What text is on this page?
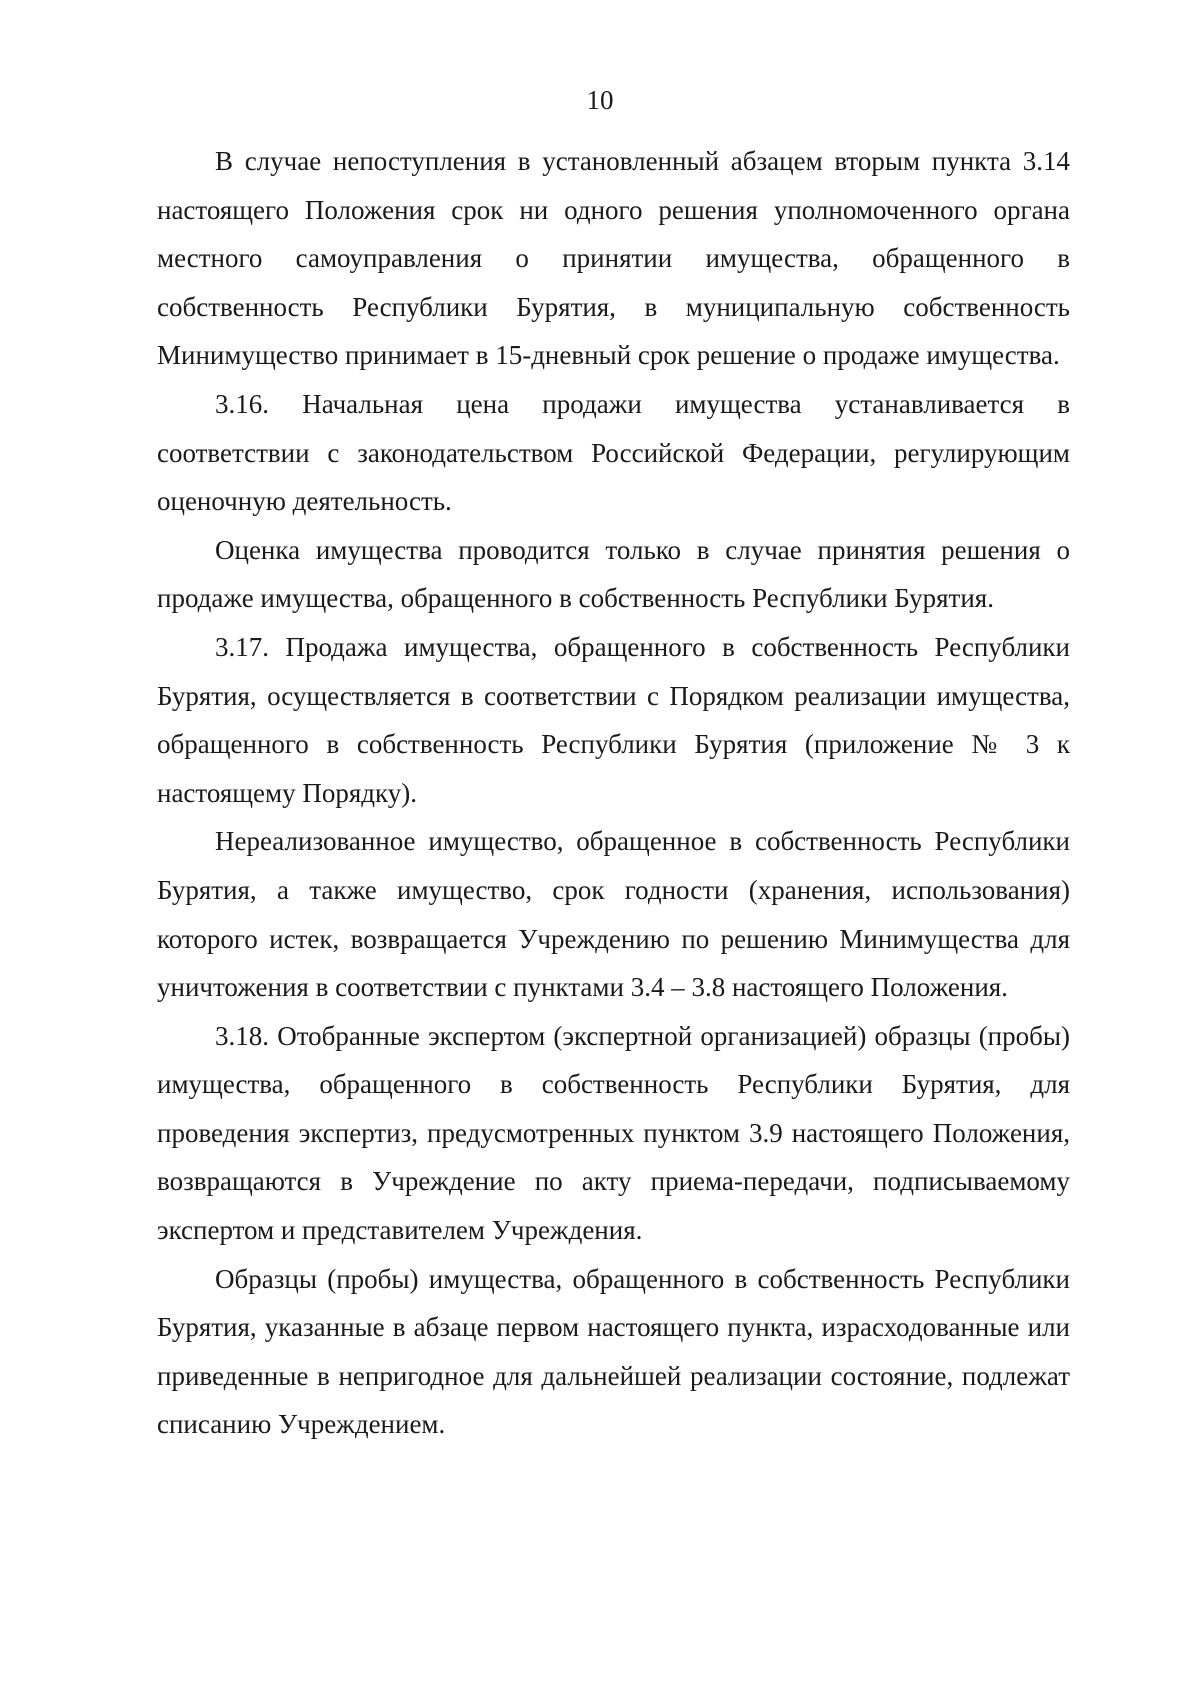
10

В случае непоступления в установленный абзацем вторым пункта 3.14 настоящего Положения срок ни одного решения уполномоченного органа местного самоуправления о принятии имущества, обращенного в собственность Республики Бурятия, в муниципальную собственность Минимущество принимает в 15-дневный срок решение о продаже имущества.

3.16. Начальная цена продажи имущества устанавливается в соответствии с законодательством Российской Федерации, регулирующим оценочную деятельность.

Оценка имущества проводится только в случае принятия решения о продаже имущества, обращенного в собственность Республики Бурятия.

3.17. Продажа имущества, обращенного в собственность Республики Бурятия, осуществляется в соответствии с Порядком реализации имущества, обращенного в собственность Республики Бурятия (приложение № 3 к настоящему Порядку).

Нереализованное имущество, обращенное в собственность Республики Бурятия, а также имущество, срок годности (хранения, использования) которого истек, возвращается Учреждению по решению Минимущества для уничтожения в соответствии с пунктами 3.4 – 3.8 настоящего Положения.

3.18. Отобранные экспертом (экспертной организацией) образцы (пробы) имущества, обращенного в собственность Республики Бурятия, для проведения экспертиз, предусмотренных пунктом 3.9 настоящего Положения, возвращаются в Учреждение по акту приема-передачи, подписываемому экспертом и представителем Учреждения.

Образцы (пробы) имущества, обращенного в собственность Республики Бурятия, указанные в абзаце первом настоящего пункта, израсходованные или приведенные в непригодное для дальнейшей реализации состояние, подлежат списанию Учреждением.
